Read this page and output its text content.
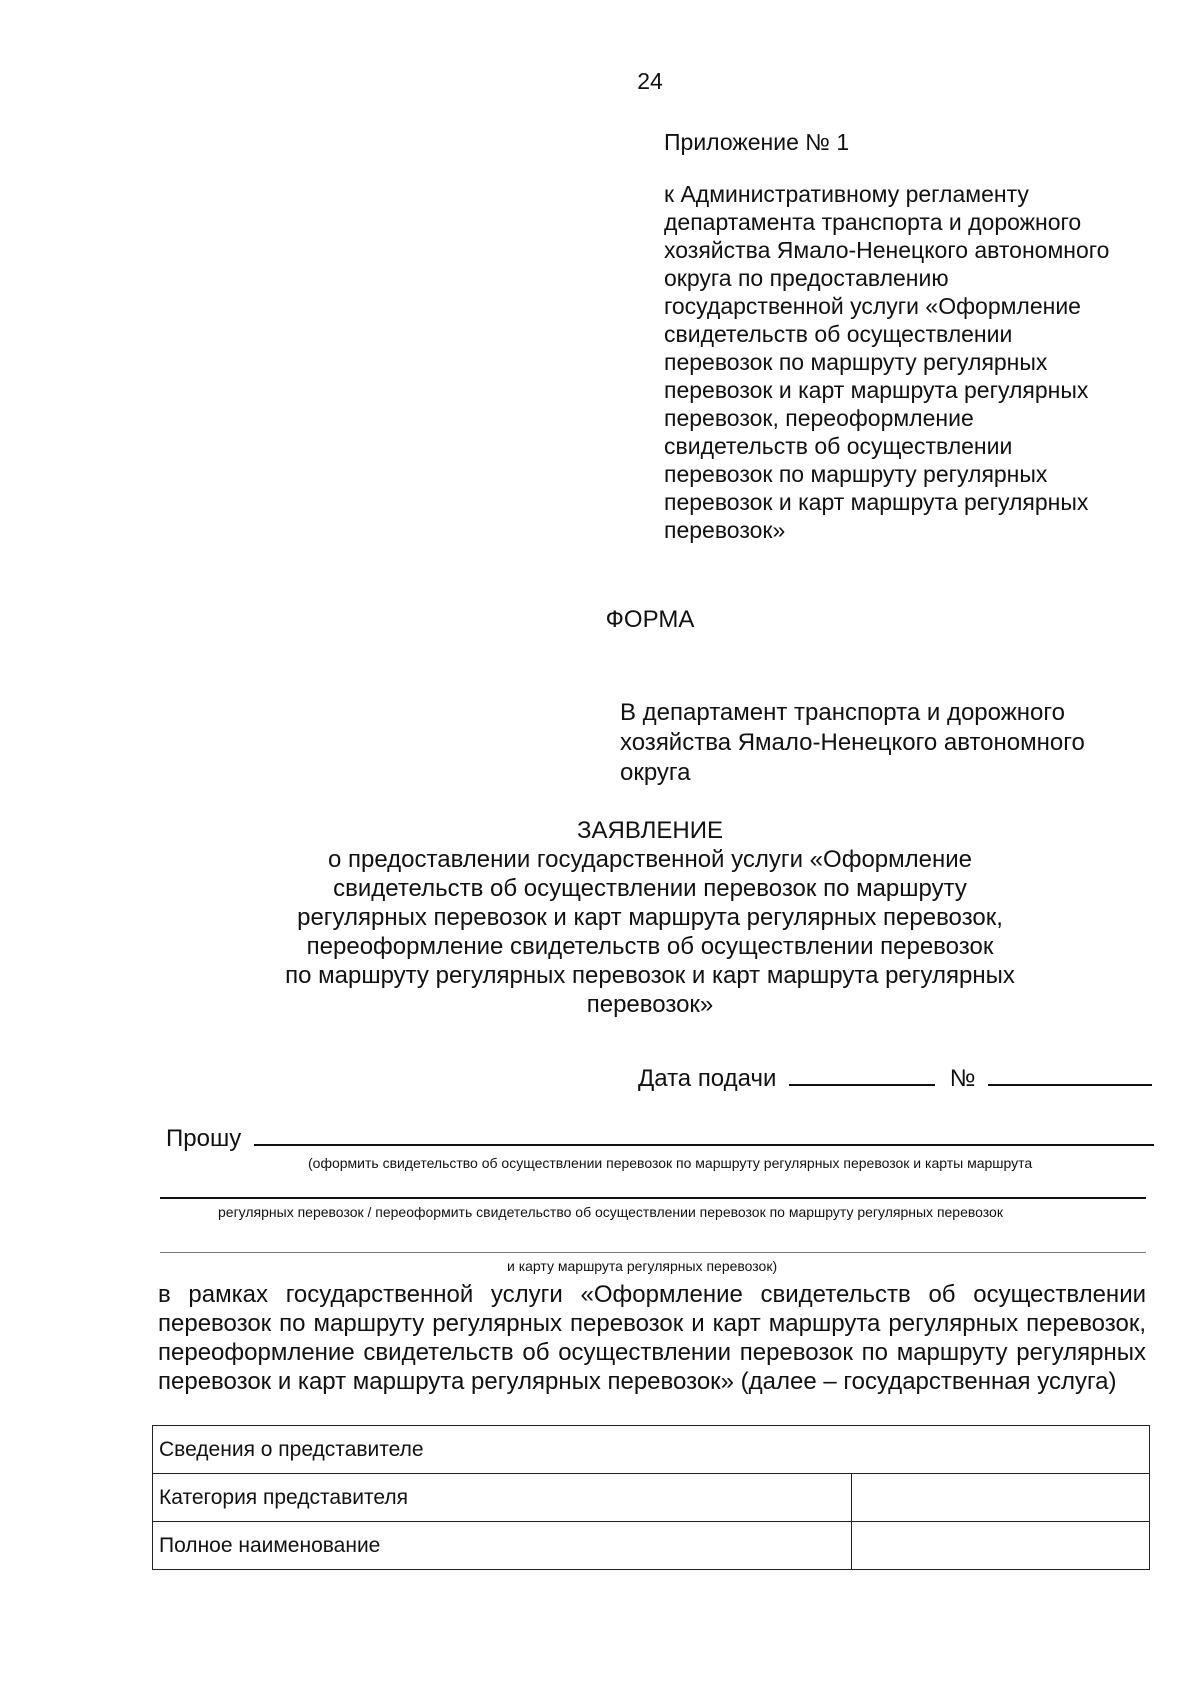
24
Приложение № 1
к Административному регламенту
департамента транспорта и дорожного
хозяйства Ямало-Ненецкого автономного
округа по предоставлению
государственной услуги «Оформление
свидетельств об осуществлении
перевозок по маршруту регулярных
перевозок и карт маршрута регулярных
перевозок, переоформление
свидетельств об осуществлении
перевозок по маршруту регулярных
перевозок и карт маршрута регулярных
перевозок»
ФОРМА
В департамент транспорта и дорожного
хозяйства Ямало-Ненецкого автономного
округа
ЗАЯВЛЕНИЕ
о предоставлении государственной услуги «Оформление
свидетельств об осуществлении перевозок по маршруту
регулярных перевозок и карт маршрута регулярных перевозок,
переоформление свидетельств об осуществлении перевозок
по маршруту регулярных перевозок и карт маршрута регулярных
перевозок»
Дата подачи	№
Прошу
(оформить свидетельство об осуществлении перевозок по маршруту регулярных перевозок и карты маршрута
регулярных перевозок / переоформить свидетельство об осуществлении перевозок по маршруту регулярных перевозок
и карту маршрута регулярных перевозок)
в рамках государственной услуги «Оформление свидетельств об осуществлении перевозок по маршруту регулярных перевозок и карт маршрута регулярных перевозок, переоформление свидетельств об осуществлении перевозок по маршруту регулярных перевозок и карт маршрута регулярных перевозок» (далее – государственная услуга)
Сведения о представителе	
Категория представителя	
Полное наименование	
